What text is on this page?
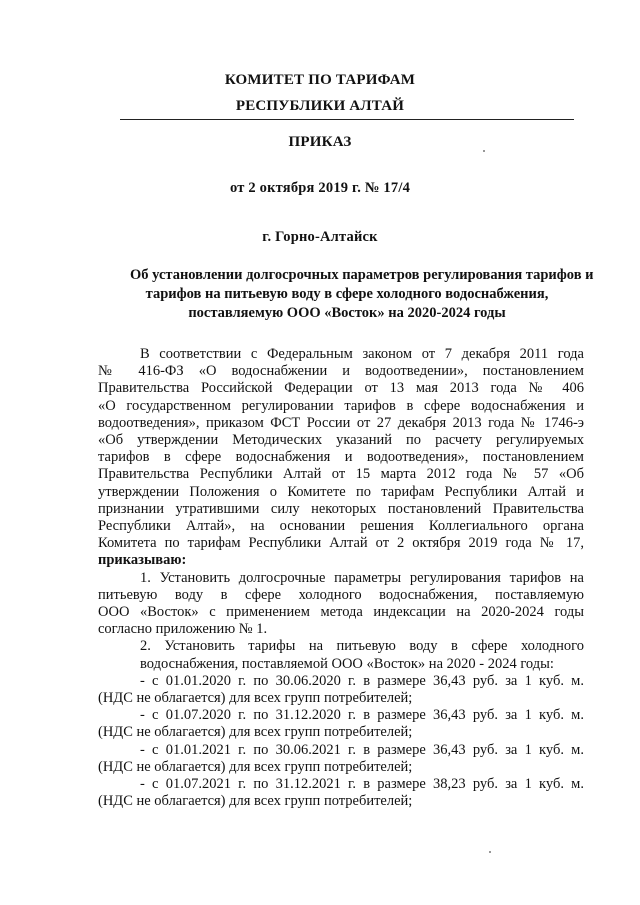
КОМИТЕТ ПО ТАРИФАМ
РЕСПУБЛИКИ АЛТАЙ
ПРИКАЗ
от 2 октября 2019 г. № 17/4
г. Горно-Алтайск
Об установлении долгосрочных параметров регулирования тарифов и
тарифов на питьевую воду в сфере холодного водоснабжения,
поставляемую ООО «Восток» на 2020-2024 годы
В соответствии с Федеральным законом от 7 декабря 2011 года
№ 416-ФЗ «О водоснабжении и водоотведении», постановлением
Правительства Российской Федерации от 13 мая 2013 года № 406
«О государственном регулировании тарифов в сфере водоснабжения и
водоотведения», приказом ФСТ России от 27 декабря 2013 года № 1746-э
«Об утверждении Методических указаний по расчету регулируемых
тарифов в сфере водоснабжения и водоотведения», постановлением
Правительства Республики Алтай от 15 марта 2012 года № 57 «Об
утверждении Положения о Комитете по тарифам Республики Алтай и
признании утратившими силу некоторых постановлений Правительства
Республики Алтай», на основании решения Коллегиального органа
Комитета по тарифам Республики Алтай от 2 октября 2019 года № 17,
приказываю:
1. Установить долгосрочные параметры регулирования тарифов на
питьевую воду в сфере холодного водоснабжения, поставляемую
ООО «Восток» с применением метода индексации на 2020-2024 годы
согласно приложению № 1.
2. Установить тарифы на питьевую воду в сфере холодного
водоснабжения, поставляемой ООО «Восток» на 2020 - 2024 годы:
- с 01.01.2020 г. по 30.06.2020 г. в размере 36,43 руб. за 1 куб. м.
(НДС не облагается) для всех групп потребителей;
- с 01.07.2020 г. по 31.12.2020 г. в размере 36,43 руб. за 1 куб. м.
(НДС не облагается) для всех групп потребителей;
- с 01.01.2021 г. по 30.06.2021 г. в размере 36,43 руб. за 1 куб. м.
(НДС не облагается) для всех групп потребителей;
- с 01.07.2021 г. по 31.12.2021 г. в размере 38,23 руб. за 1 куб. м.
(НДС не облагается) для всех групп потребителей;
